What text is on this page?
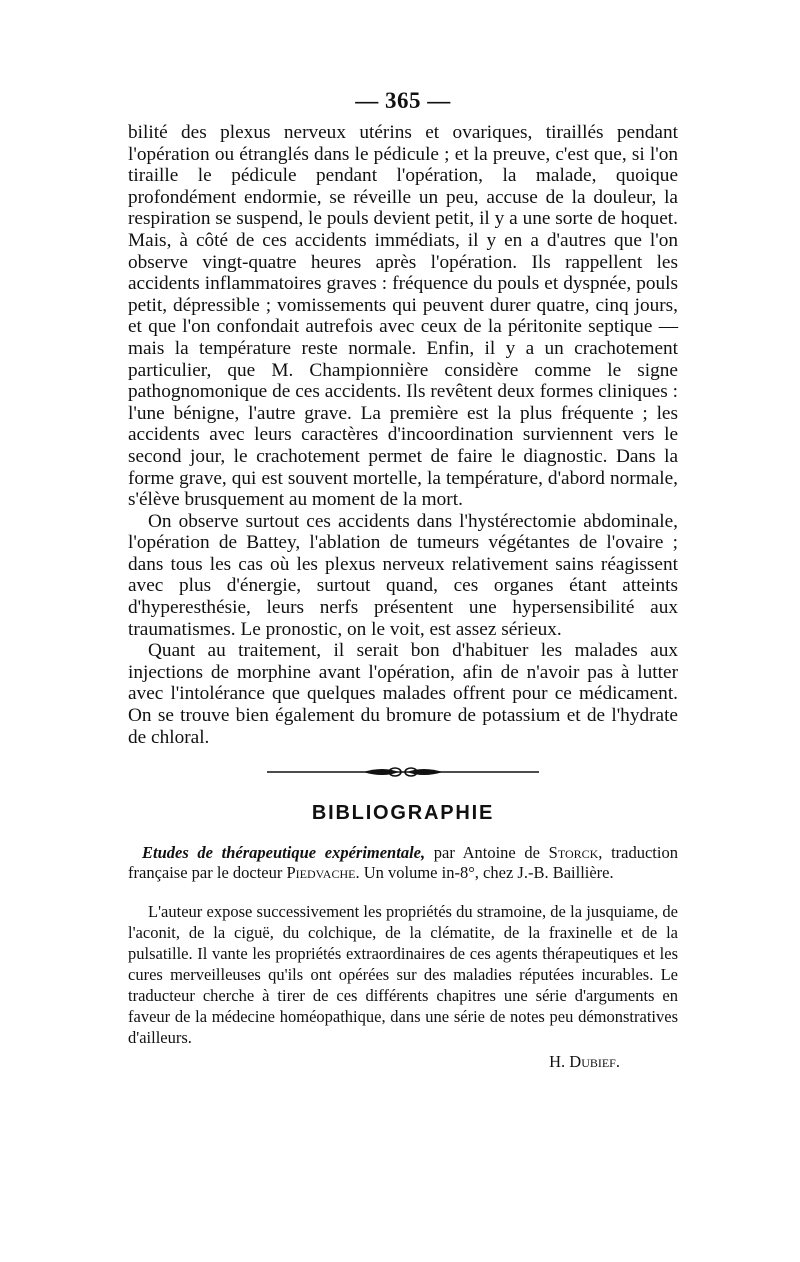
— 365 —

bilité des plexus nerveux utérins et ovariques, tiraillés pendant l'opération ou étranglés dans le pédicule ; et la preuve, c'est que, si l'on tiraille le pédicule pendant l'opération, la malade, quoique profondément endormie, se réveille un peu, accuse de la douleur, la respiration se suspend, le pouls devient petit, il y a une sorte de hoquet. Mais, à côté de ces accidents immédiats, il y en a d'autres que l'on observe vingt-quatre heures après l'opération. Ils rappellent les accidents inflammatoires graves : fréquence du pouls et dyspnée, pouls petit, dépressible ; vomissements qui peuvent durer quatre, cinq jours, et que l'on confondait autrefois avec ceux de la péritonite septique — mais la température reste normale. Enfin, il y a un crachotement particulier, que M. Championnière considère comme le signe pathognomonique de ces accidents. Ils revêtent deux formes cliniques : l'une bénigne, l'autre grave. La première est la plus fréquente ; les accidents avec leurs caractères d'incoordination surviennent vers le second jour, le crachotement permet de faire le diagnostic. Dans la forme grave, qui est souvent mortelle, la température, d'abord normale, s'élève brusquement au moment de la mort.

On observe surtout ces accidents dans l'hystérectomie abdominale, l'opération de Battey, l'ablation de tumeurs végétantes de l'ovaire ; dans tous les cas où les plexus nerveux relativement sains réagissent avec plus d'énergie, surtout quand, ces organes étant atteints d'hyperesthésie, leurs nerfs présentent une hypersensibilité aux traumatismes. Le pronostic, on le voit, est assez sérieux.

Quant au traitement, il serait bon d'habituer les malades aux injections de morphine avant l'opération, afin de n'avoir pas à lutter avec l'intolérance que quelques malades offrent pour ce médicament. On se trouve bien également du bromure de potassium et de l'hydrate de chloral.

BIBLIOGRAPHIE

Etudes de thérapeutique expérimentale, par Antoine de Storck, traduction française par le docteur Piedvache. Un volume in-8°, chez J.-B. Baillière.

L'auteur expose successivement les propriétés du stramoine, de la jusquiame, de l'aconit, de la ciguë, du colchique, de la clématite, de la fraxinelle et de la pulsatille. Il vante les propriétés extraordinaires de ces agents thérapeutiques et les cures merveilleuses qu'ils ont opérées sur des maladies réputées incurables. Le traducteur cherche à tirer de ces différents chapitres une série d'arguments en faveur de la médecine homéopathique, dans une série de notes peu démonstratives d'ailleurs.

H. Dubief.
